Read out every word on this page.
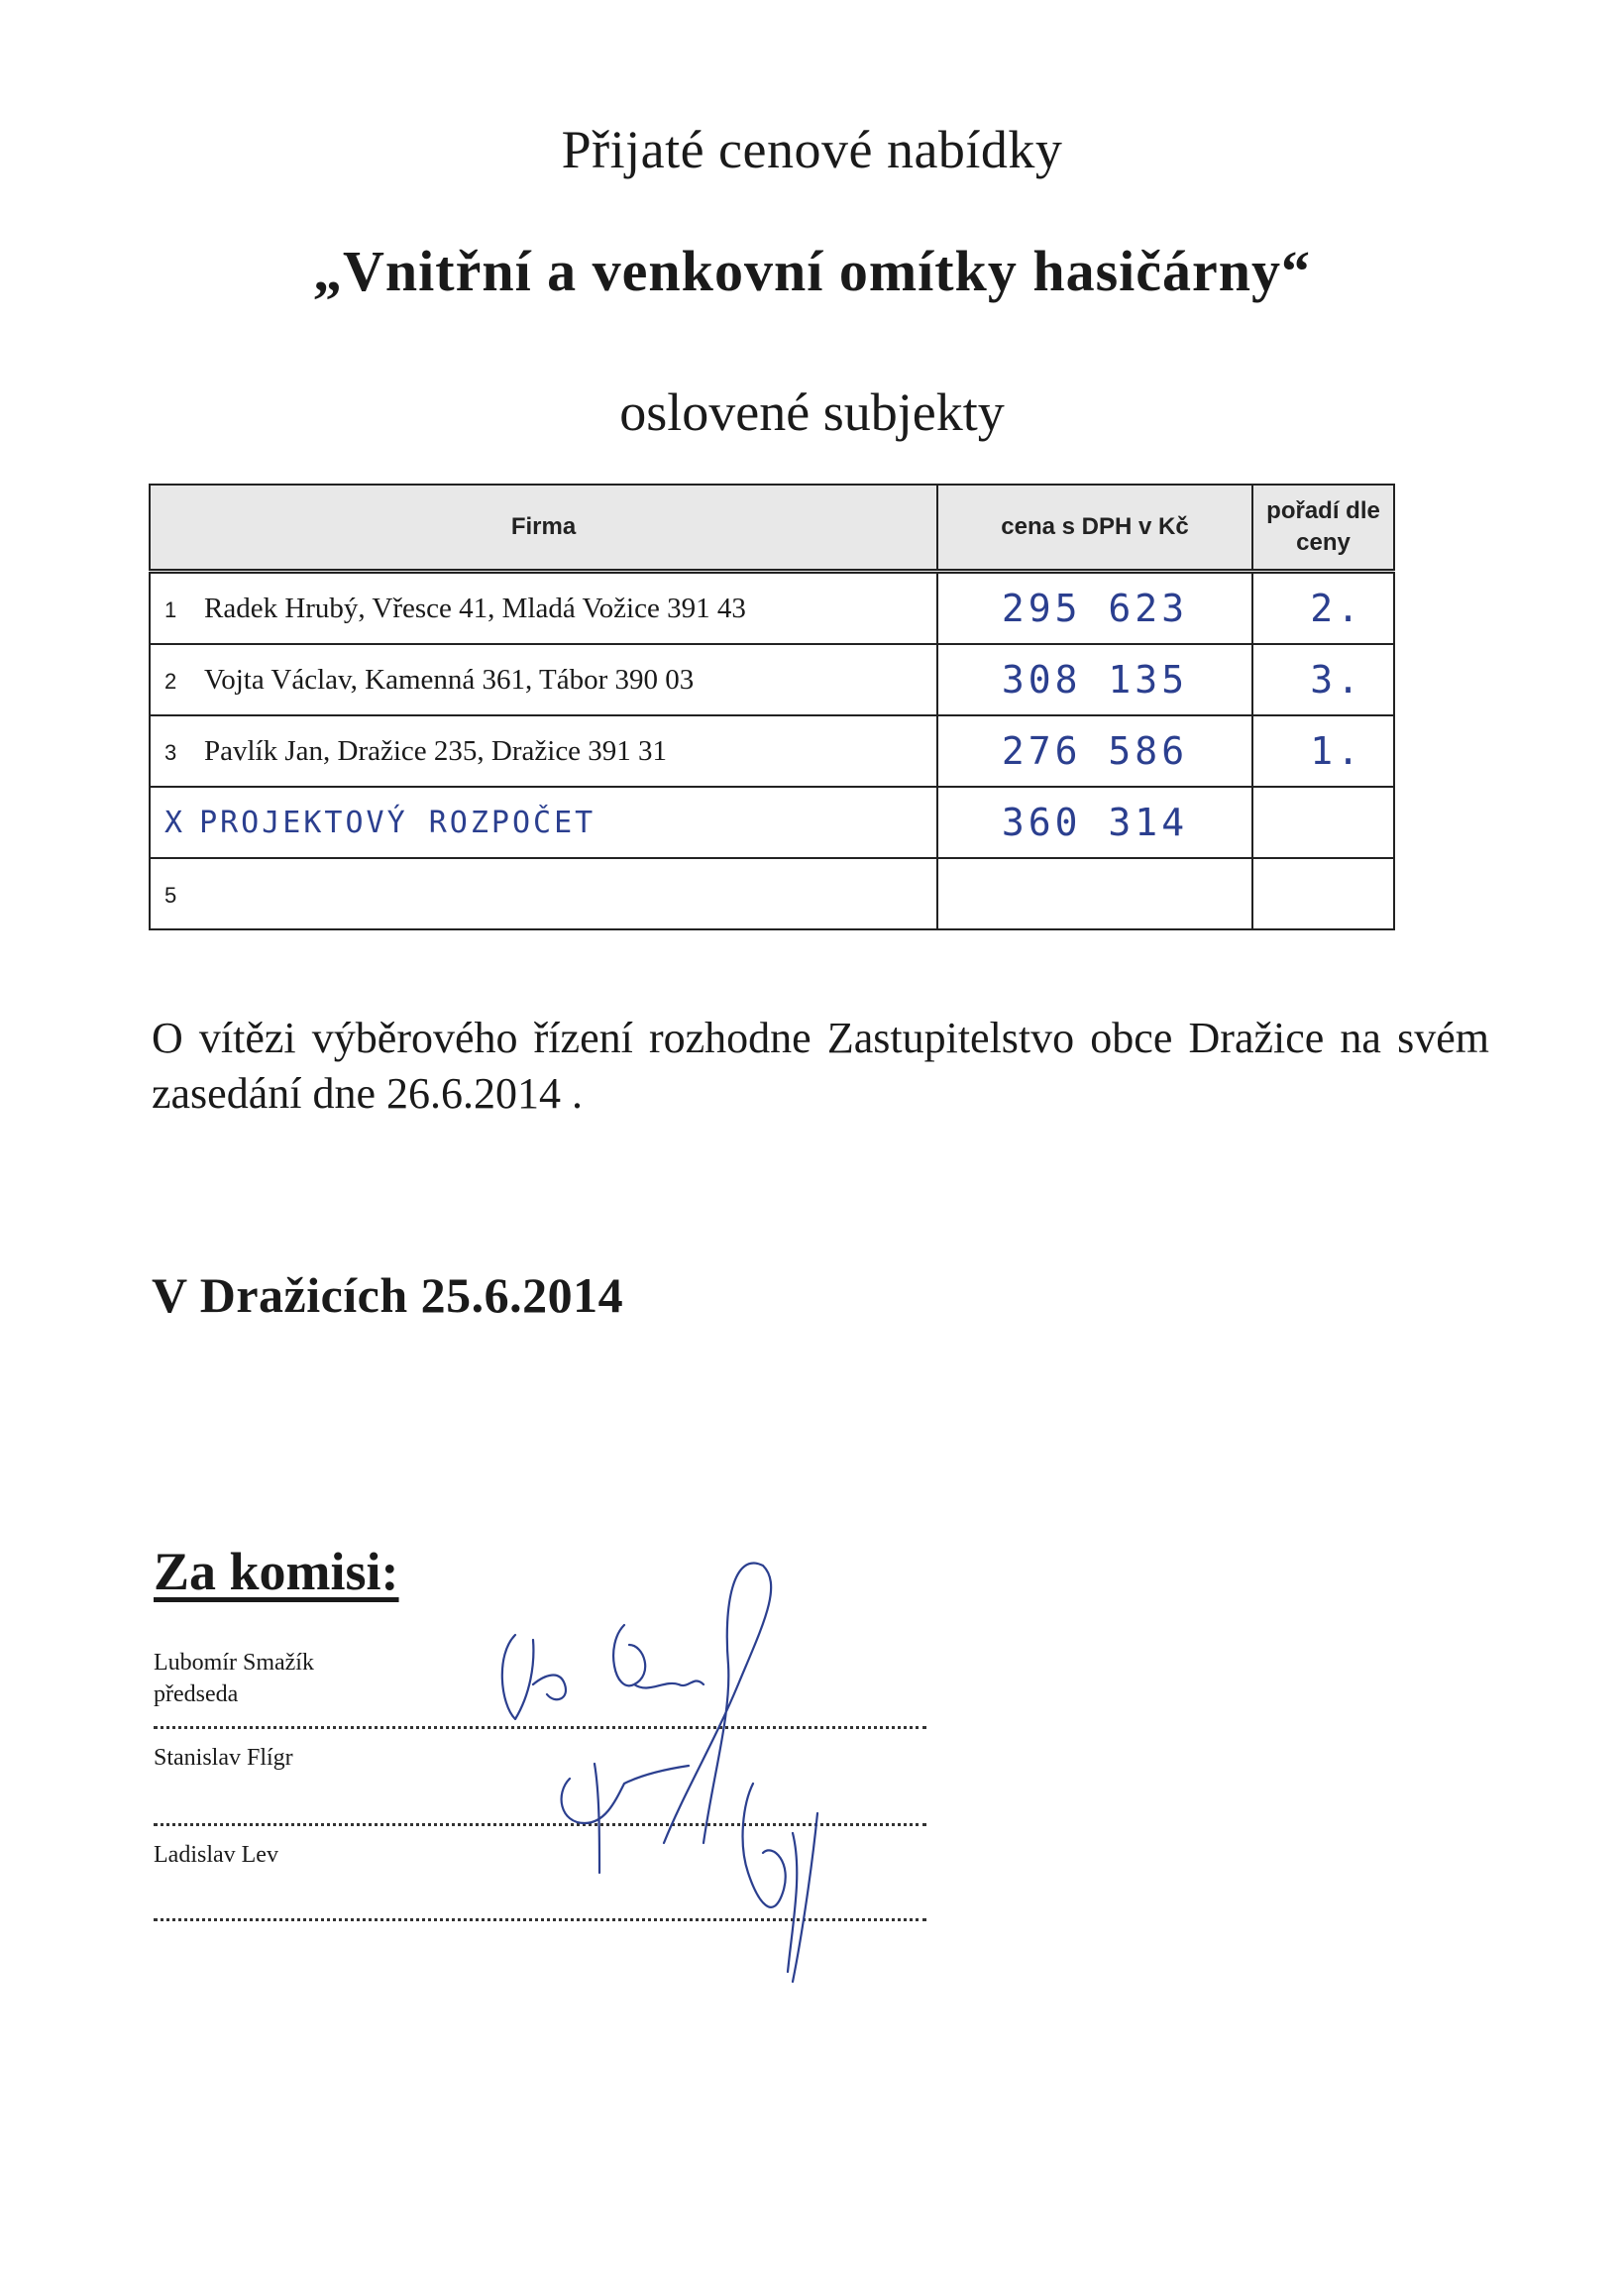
Přijaté cenové nabídky
„Vnitřní a venkovní omítky hasičárny“
oslovené subjekty
Firma	cena s DPH v Kč	pořadí dle ceny
1 Radek Hrubý, Vřesce 41, Mladá Vožice 391 43	295 623	2.
2 Vojta Václav, Kamenná 361, Tábor 390 03	308 135	3.
3 Pavlík Jan, Dražice 235, Dražice 391 31	276 586	1.
X PROJEKTOVÝ ROZPOČET	360 314	
5		
O vítězi výběrového řízení rozhodne Zastupitelstvo obce Dražice na svém zasedání dne 26.6.2014 .
V Dražicích 25.6.2014
Za komisi:
Lubomír Smažík
předseda
Stanislav Flígr
Ladislav Lev
